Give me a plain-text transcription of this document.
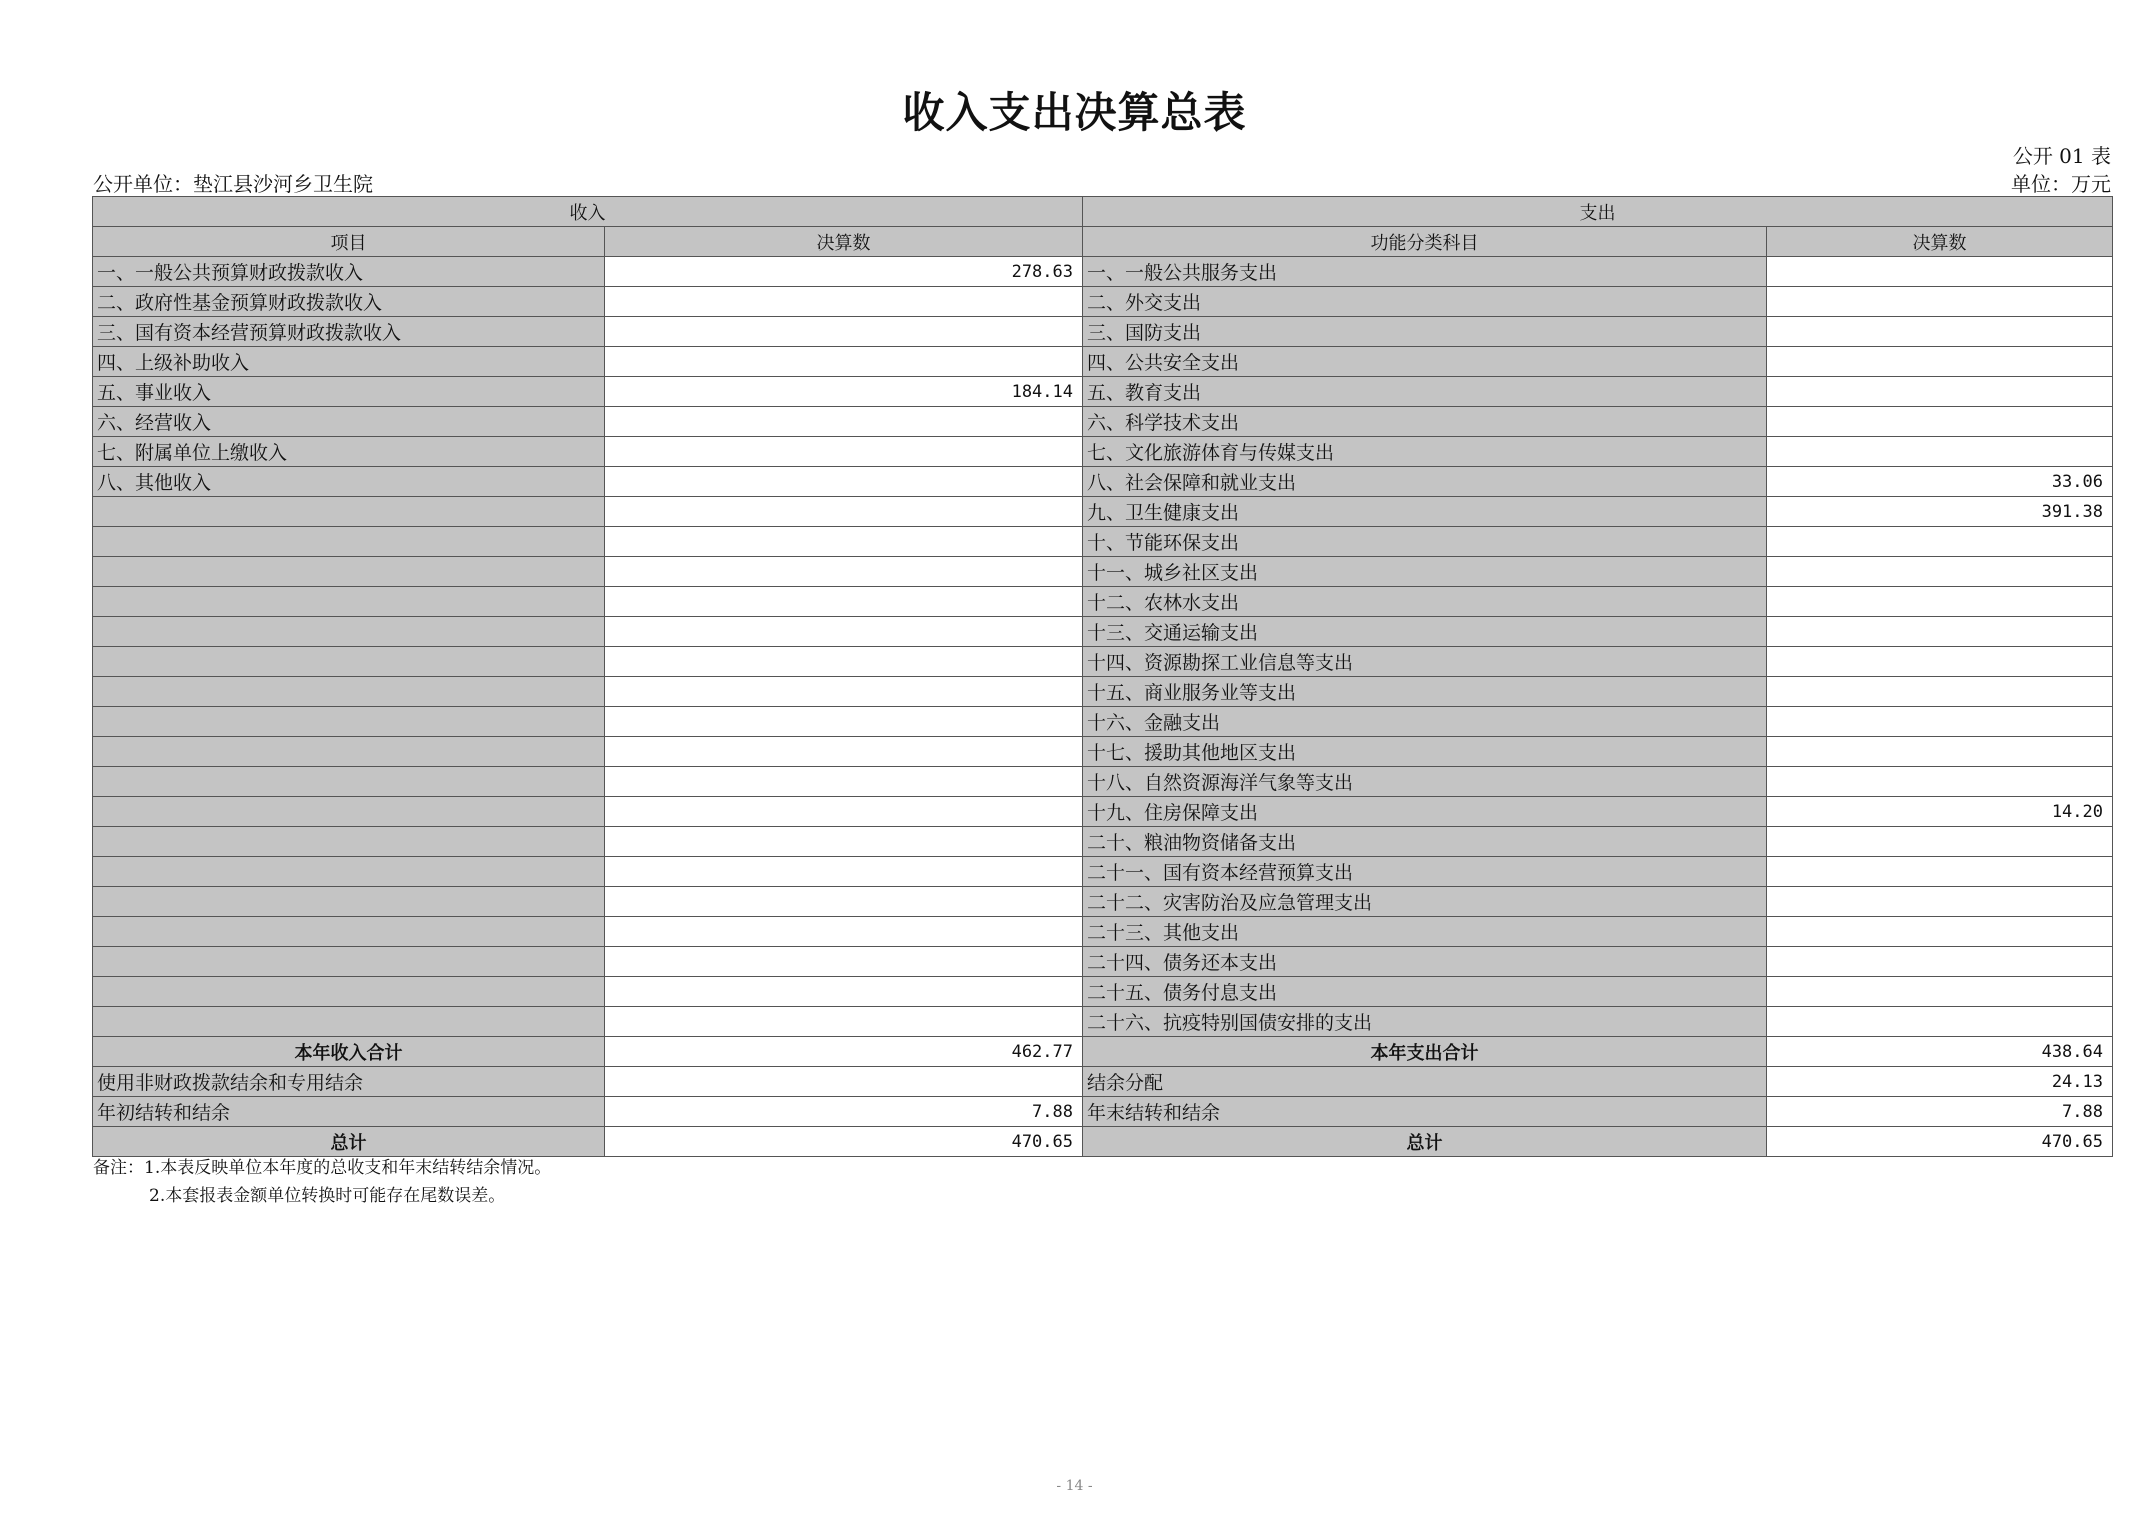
收入支出决算总表
公开 01 表
公开单位：垫江县沙河乡卫生院	单位：万元
收入		支出	
项目	决算数	功能分类科目	决算数
一、一般公共预算财政拨款收入	278.63	一、一般公共服务支出	
二、政府性基金预算财政拨款收入		二、外交支出	
三、国有资本经营预算财政拨款收入		三、国防支出	
四、上级补助收入		四、公共安全支出	
五、事业收入	184.14	五、教育支出	
六、经营收入		六、科学技术支出	
七、附属单位上缴收入		七、文化旅游体育与传媒支出	
八、其他收入		八、社会保障和就业支出	33.06
		九、卫生健康支出	391.38
		十、节能环保支出	
		十一、城乡社区支出	
		十二、农林水支出	
		十三、交通运输支出	
		十四、资源勘探工业信息等支出	
		十五、商业服务业等支出	
		十六、金融支出	
		十七、援助其他地区支出	
		十八、自然资源海洋气象等支出	
		十九、住房保障支出	14.20
		二十、粮油物资储备支出	
		二十一、国有资本经营预算支出	
		二十二、灾害防治及应急管理支出	
		二十三、其他支出	
		二十四、债务还本支出	
		二十五、债务付息支出	
		二十六、抗疫特别国债安排的支出	
本年收入合计	462.77	本年支出合计	438.64
使用非财政拨款结余和专用结余		结余分配	24.13
年初结转和结余	7.88	年末结转和结余	7.88
总计	470.65	总计	470.65
备注：1.本表反映单位本年度的总收支和年末结转结余情况。
2.本套报表金额单位转换时可能存在尾数误差。
- 14 -
